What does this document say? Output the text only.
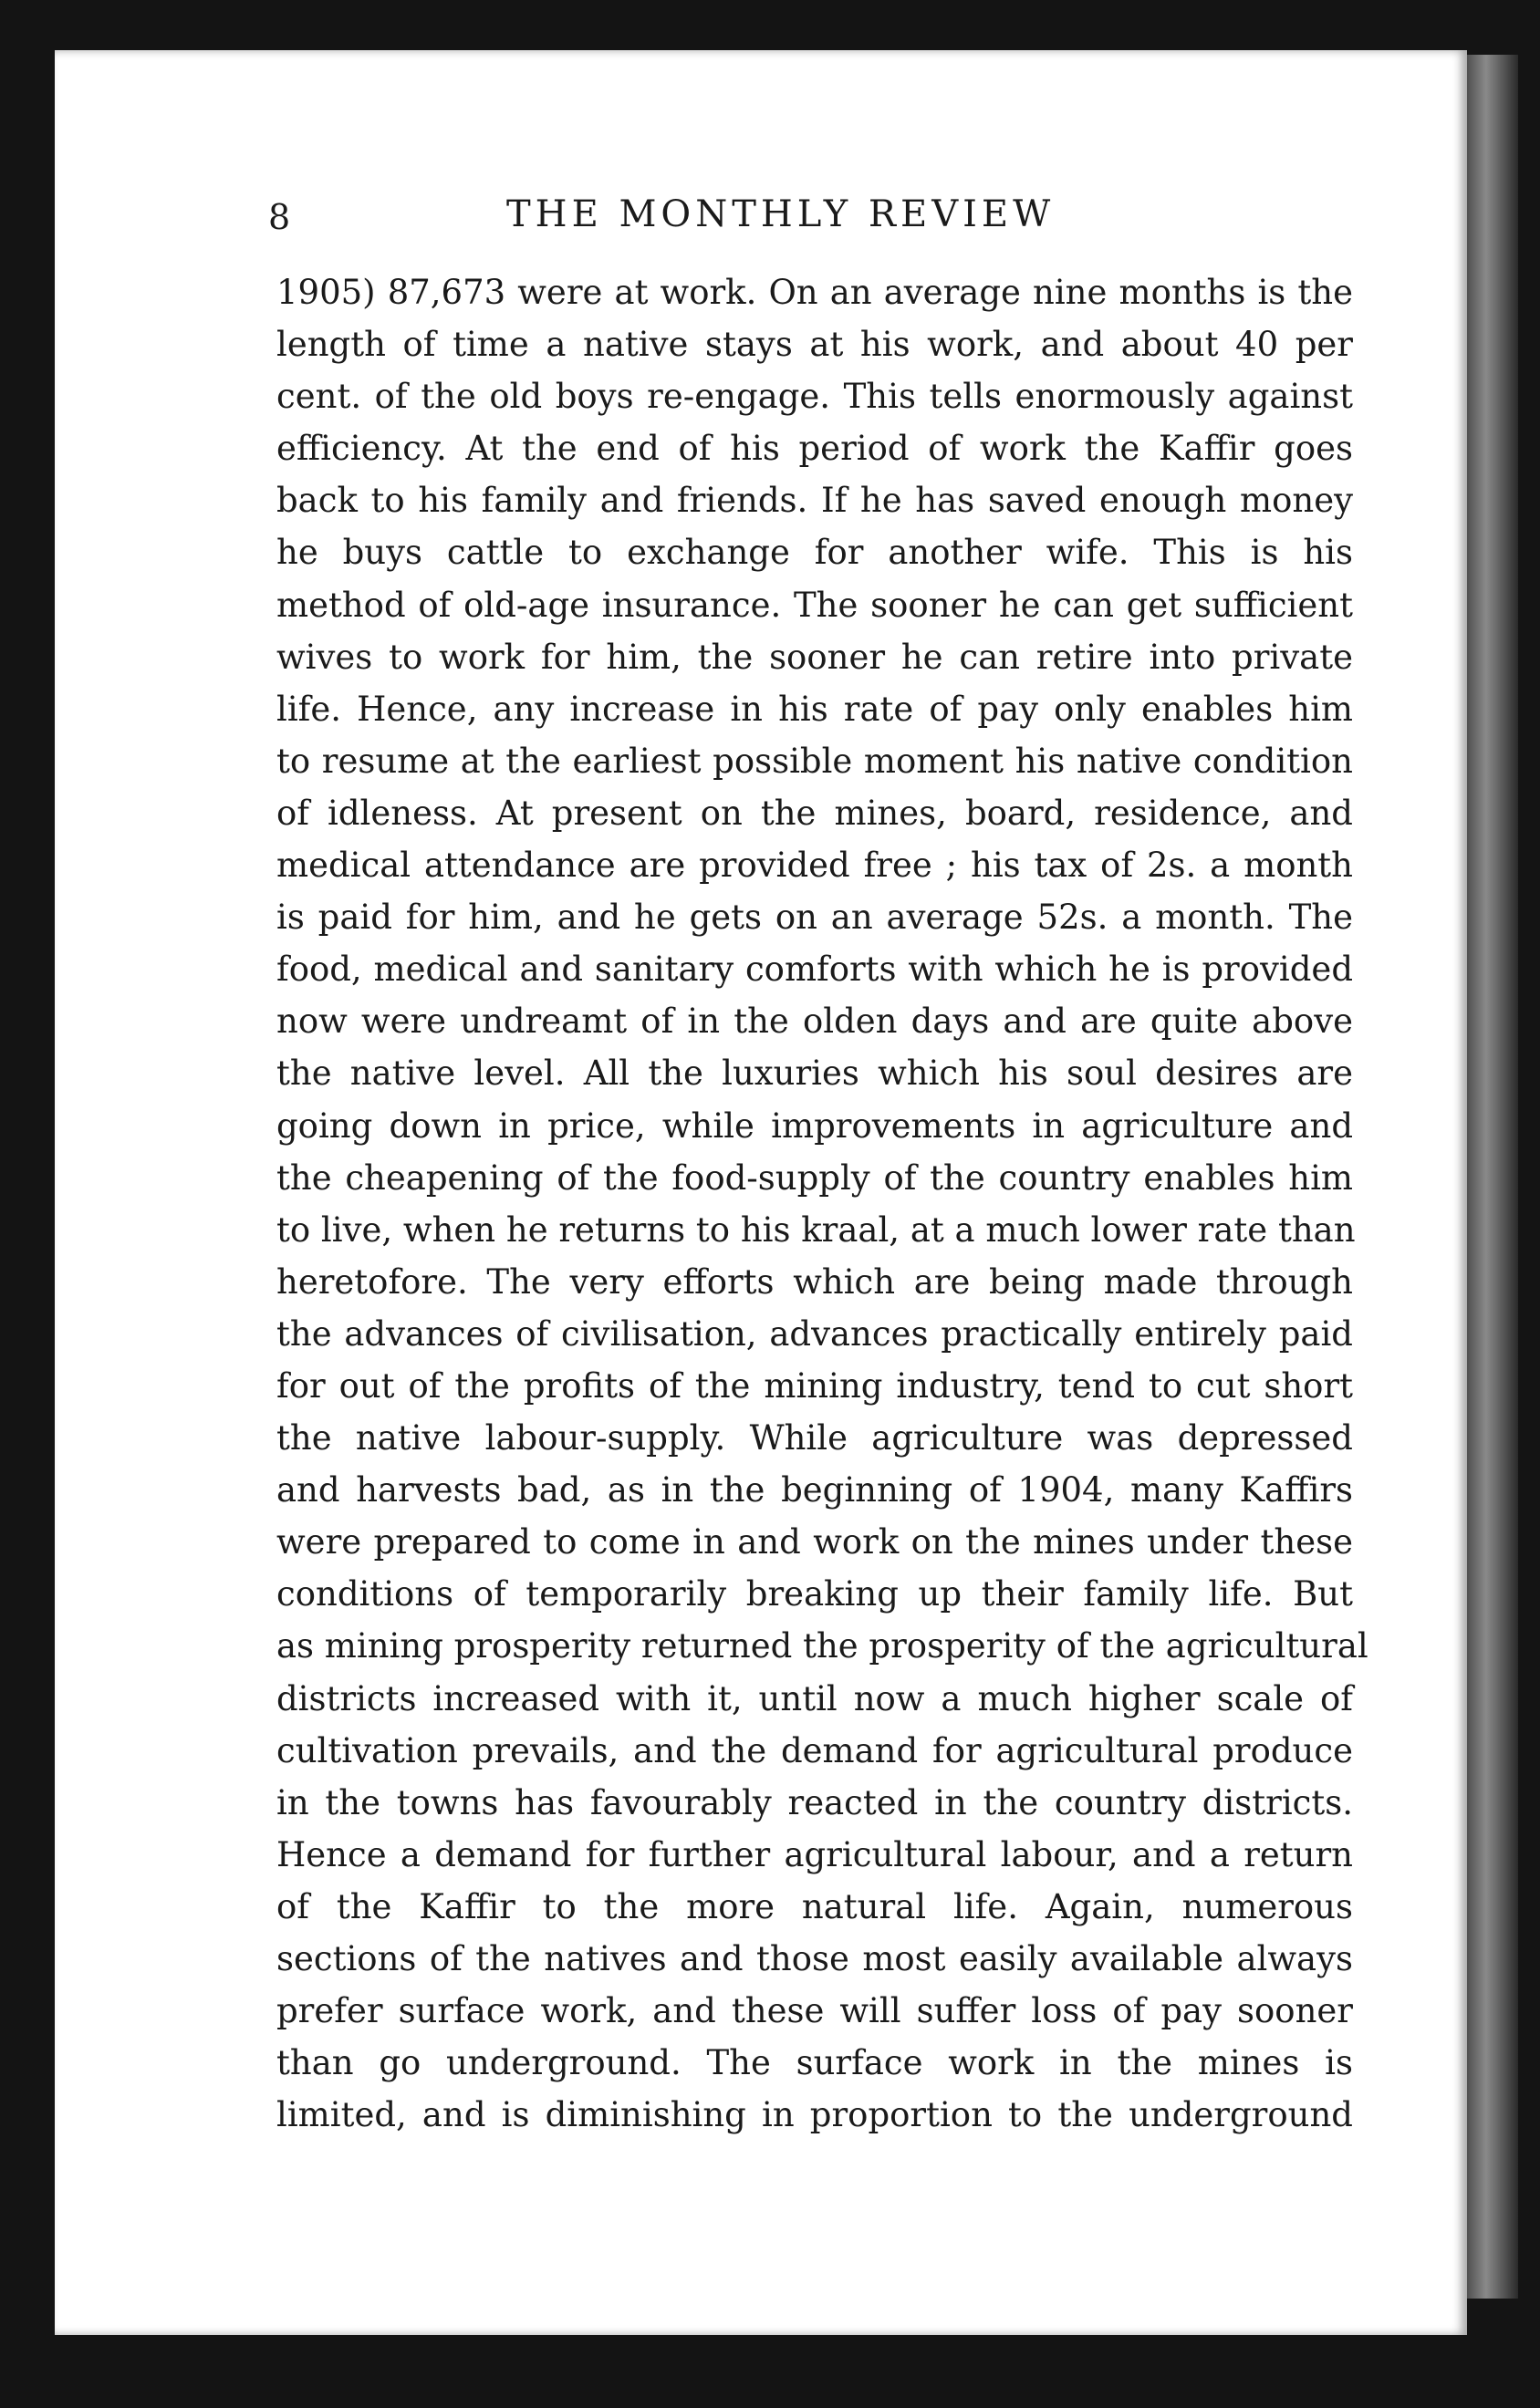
8	THE MONTHLY REVIEW
1905) 87,673 were at work. On an average nine months is the
length of time a native stays at his work, and about 40 per
cent. of the old boys re-engage. This tells enormously against
efficiency. At the end of his period of work the Kaffir goes
back to his family and friends. If he has saved enough money
he buys cattle to exchange for another wife. This is his
method of old-age insurance. The sooner he can get sufficient
wives to work for him, the sooner he can retire into private
life. Hence, any increase in his rate of pay only enables him
to resume at the earliest possible moment his native condition
of idleness. At present on the mines, board, residence, and
medical attendance are provided free ; his tax of 2s. a month
is paid for him, and he gets on an average 52s. a month. The
food, medical and sanitary comforts with which he is provided
now were undreamt of in the olden days and are quite above
the native level. All the luxuries which his soul desires are
going down in price, while improvements in agriculture and
the cheapening of the food-supply of the country enables him
to live, when he returns to his kraal, at a much lower rate than
heretofore. The very efforts which are being made through
the advances of civilisation, advances practically entirely paid
for out of the profits of the mining industry, tend to cut short
the native labour-supply. While agriculture was depressed
and harvests bad, as in the beginning of 1904, many Kaffirs
were prepared to come in and work on the mines under these
conditions of temporarily breaking up their family life. But
as mining prosperity returned the prosperity of the agricultural
districts increased with it, until now a much higher scale of
cultivation prevails, and the demand for agricultural produce
in the towns has favourably reacted in the country districts.
Hence a demand for further agricultural labour, and a return
of the Kaffir to the more natural life. Again, numerous
sections of the natives and those most easily available always
prefer surface work, and these will suffer loss of pay sooner
than go underground. The surface work in the mines is
limited, and is diminishing in proportion to the underground
